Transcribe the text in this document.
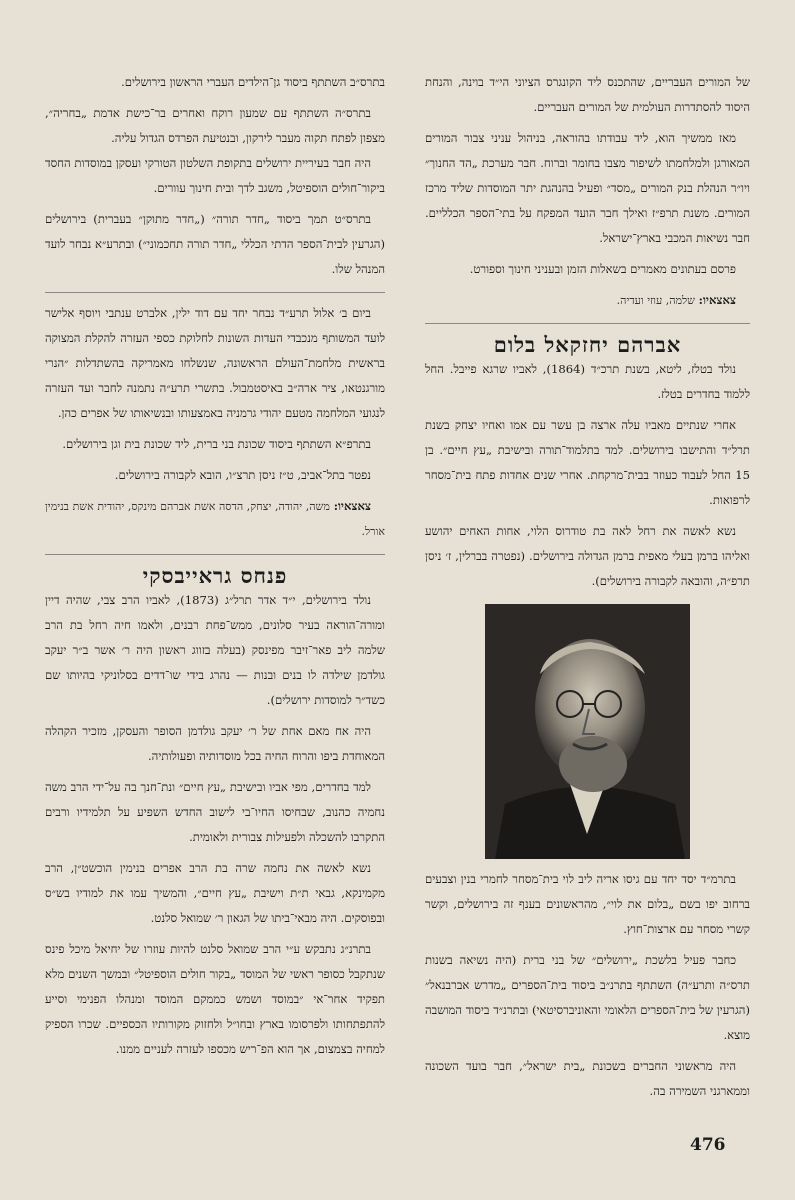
של המורים העבריים, שהתכנס ליד הקונגרס הציוני הי״ד בוינה, והנחת היסוד להסתדרות העולמית של המורים העבריים.

מאז ממשיך הוא, ליד עבודתו בהוראה, בניהול עניני צבור המורים המאורגן ולמלחמתו לשיפור מצבו בחומר וברוח. חבר מערכת „הד החנוך״ ויו״ר הנהלת בנק המורים „מסד״ ופעיל בהנהגת יתר המוסדות שליד מרכז המורים. משנת תרפ״ז ואילך חבר הועד המפקח על בתי־הספר הכלליים. חבר נשיאות המכבי בארץ־ישראל.

פרסם בעתונים מאמרים בשאלות הזמן ובעניני חינוך וספורט.

צאצאיו: שלמה, עוזי ועדיה.

אברהם יחזקאל בלום

נולד בטלז, ליטא, בשנת תרכ״ד (1864), לאביו שרגא פייבל. החל ללמוד בחדרים בטלז.

אחרי שנתיים מאביו עלה ארצה בן עשר עם אמו ואחיו יצחק בשנת תרל״ד והתישבו בירושלים. למד בתלמוד־תורה ובישיבת „עץ חיים״. בן 15 החל לעבוד כעוזר בבית־מרקחת. אחרי שנים אחדות פתח בית־מסחר לרפואות.

נשא לאשה את רחל לאה בת טודרוס הלוי, אחות האחים יהושע ואליהו ברמן בעלי מאפית ברמן הגדולה בירושלים. (נפטרה בברלין, ז׳ ניסן תרפ״ה, והובאה לקבורה בירושלים).

בתרמ״ד יסד יחד עם גיסו אריה ליב לוי בית־מסחר לחמרי בנין וצבעים ברחוב יפו בשם „בלום את לוי״, מהראשונים בענף זה בירושלים, וקשר קשרי מסחר עם ארצות־חוץ.

כחבר פעיל בלשכת „ירושלים״ של בני ברית (היה נשיאה בשנות תרס״ה ותרע״ה) השתתף בתרנ״ב ביסוד בית־הספרים „מדרש אברבנאל״ (הגרעין של בית־הספרים הלאומי והאוניברסיטאי) ובתרנ״ד ביסוד המושבה מוצא.

היה מראשוני החברים בשכונת „בית ישראל״, חבר בועד השכונה וממארגני השמירה בה.

בתרס״ב השתתף ביסוד גן־הילדים העברי הראשון בירושלים.

בתרס״ה השתתף עם שמעון רוקח ואחרים בר־כישת אדמת „בחריה״, מצפון לפתח תקוה מעבר לירקון, ובנטיעת הפרדס הגדול עליה.

היה חבר בעיריית ירושלים בתקופת השלטון הטורקי ועסקן במוסדות החסד ביקור־חולים הוספיטל, משגב לדך ובית חינוך עוורים.

בתרס״ט תמך ביסוד „חדר תורה״ („חדר מתוקן״ בעברית) בירושלים (הגרעין לבית־הספר הדתי הכללי „חדר תורה תחכמוני״) ובתרע״א נבחר לועד המנהל שלו.

ביום ב׳ אלול תרע״ד נבחר יחד עם דוד ילין, אלברט ענתבי ויוסף אלישר לועד המשותף מנכבדי העדות השונות לחלוקת כספי העזרה להקלת המצוקה בראשית מלחמת־העולם הראשונה, שנשלחו מאמריקה בהשתדלות ״הנרי מורגנטאו, ציר ארה״ב באיסטמבול. בתשרי תרע״ה נתמנה לחבר ועד העזרה לנגועי המלחמה מטעם יהודי גרמניה באמצעותו ובנשיאותו של אפרים כהן.

בתרפ״א השתתף ביסוד שכונת בני ברית, ליד שכונת בית וגן בירושלים.

נפטר בתל־אביב, ט״ז ניסן תרצ״ו, הובא לקבורה בירושלים.

צאצאיו: משה, יהודה, יצחק, הדסה אשת אברהם מינקס, יהודית אשת בנימין אורל.

פנחס גראייבסקי

נולד בירושלים, י״ד אדר תרל״ג (1873), לאביו הרב צבי, שהיה דיין ומורה־הוראה בעיר סלונים, ממש־פחת רבנים, ולאמו חיה רחל בת הרב שלמה ליב פאר־זיבר מפינסק (בעלה בזווג ראשון היה ר׳ אשר ב״ר יעקב גולדמן שילדה לו בנים ובנות — נהרג בידי שו־דדים בסלוניקי בהיותו שם כשד״ר למוסדות ירושלים).

היה אח מאם אחת של ר׳ יעקב גולדמן הסופר והעסקן, מזכיר הקהלה המאוחדת ביפו והרוח החיה בכל מוסדותיה ופעולותיה.

למד בחדרים, מפי אביו ובישיבת „עץ חיים״ ונת־חנך בה על־ידי הרב משה נחמיה כהנוב, שבחיסו החיו־בי לישוב החדש השפיע על תלמידיו ורבים התקרבו להשכלה ולפעילות צבורית ולאומית.

נשא לאשה את נחמה שרה בת הרב אפרים בנימין הוכשט״ן, הרב מקמינקא, גבאי ת״ת וישיבת „עץ חיים״, והמשיך עמו את למודיו בש״ס ובפוסקים. היה מבאי־ביתו של הגאון ר׳ שמואל סלנט.

בתרנ״ג נתבקש ע״י הרב שמואל סלנט להיות עוזרו של יחיאל מיכל פינס שנתקבל כסופר ראשי של המוסד „בקור חולים הוספיטל״ ובמשך השנים מלא תפקיד אחר־אי ״במוסד ושמש כממקם המוסד ומנהלו הפנימי וסייע להתפתחותו ולפרסומו בארץ ובחו״ל ולחזוק מקורותיו הכספיים. שכרו הספיק למחיה בצמצום, אך הוא הפ־ריש מכספו לעזרה לעניים ממנו.

476
